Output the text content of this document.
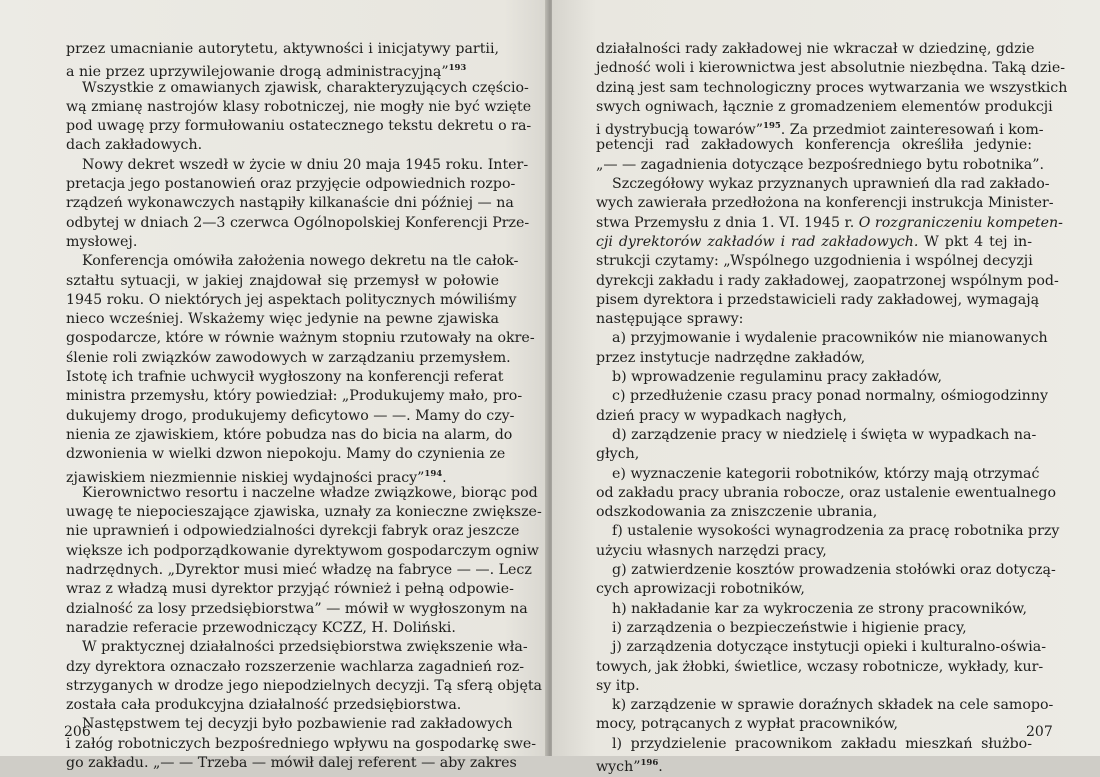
przez umacnianie autorytetu, aktywności i inicjatywy partii,
a nie przez uprzywilejowanie drogą administracyjną”$^{193}$
Wszystkie z omawianych zjawisk, charakteryzujących częścio-
wą zmianę nastrojów klasy robotniczej, nie mogły nie być wzięte
pod uwagę przy formułowaniu ostatecznego tekstu dekretu o ra-
dach zakładowych.
Nowy dekret wszedł w życie w dniu 20 maja 1945 roku. Inter-
pretacja jego postanowień oraz przyjęcie odpowiednich rozpo-
rządzeń wykonawczych nastąpiły kilkanaście dni później — na
odbytej w dniach 2—3 czerwca Ogólnopolskiej Konferencji Prze-
mysłowej.
Konferencja omówiła założenia nowego dekretu na tle całok-
ształtu sytuacji, w jakiej znajdował się przemysł w połowie
1945 roku. O niektórych jej aspektach politycznych mówiliśmy
nieco wcześniej. Wskażemy więc jedynie na pewne zjawiska
gospodarcze, które w równie ważnym stopniu rzutowały na okre-
ślenie roli związków zawodowych w zarządzaniu przemysłem.
Istotę ich trafnie uchwycił wygłoszony na konferencji referat
ministra przemysłu, który powiedział: „Produkujemy mało, pro-
dukujemy drogo, produkujemy deficytowo — —. Mamy do czy-
nienia ze zjawiskiem, które pobudza nas do bicia na alarm, do
dzwonienia w wielki dzwon niepokoju. Mamy do czynienia ze
zjawiskiem niezmiennie niskiej wydajności pracy”$^{194}$.
Kierownictwo resortu i naczelne władze związkowe, biorąc pod
uwagę te niepocieszające zjawiska, uznały za konieczne zwiększe-
nie uprawnień i odpowiedzialności dyrekcji fabryk oraz jeszcze
większe ich podporządkowanie dyrektywom gospodarczym ogniw
nadrzędnych. „Dyrektor musi mieć władzę na fabryce — —. Lecz
wraz z władzą musi dyrektor przyjąć również i pełną odpowie-
dzialność za losy przedsiębiorstwa” — mówił w wygłoszonym na
naradzie referacie przewodniczący KCZZ, H. Doliński.
W praktycznej działalności przedsiębiorstwa zwiększenie wła-
dzy dyrektora oznaczało rozszerzenie wachlarza zagadnień roz-
strzyganych w drodze jego niepodzielnych decyzji. Tą sferą objęta
została cała produkcyjna działalność przedsiębiorstwa.
Następstwem tej decyzji było pozbawienie rad zakładowych
i załóg robotniczych bezpośredniego wpływu na gospodarkę swe-
go zakładu. „— — Trzeba — mówił dalej referent — aby zakres
206
działalności rady zakładowej nie wkraczał w dziedzinę, gdzie
jedność woli i kierownictwa jest absolutnie niezbędna. Taką dzie-
dziną jest sam technologiczny proces wytwarzania we wszystkich
swych ogniwach, łącznie z gromadzeniem elementów produkcji
i dystrybucją towarów”$^{195}$. Za przedmiot zainteresowań i kom-
petencji rad zakładowych konferencja określiła jedynie:
„— — zagadnienia dotyczące bezpośredniego bytu robotnika”.
Szczegółowy wykaz przyznanych uprawnień dla rad zakłado-
wych zawierała przedłożona na konferencji instrukcja Minister-
stwa Przemysłu z dnia 1. VI. 1945 r. O rozgraniczeniu kompeten-
cji dyrektorów zakładów i rad zakładowych. W pkt 4 tej in-
strukcji czytamy: „Wspólnego uzgodnienia i wspólnej decyzji
dyrekcji zakładu i rady zakładowej, zaopatrzonej wspólnym pod-
pisem dyrektora i przedstawicieli rady zakładowej, wymagają
następujące sprawy:
a) przyjmowanie i wydalenie pracowników nie mianowanych
przez instytucje nadrzędne zakładów,
b) wprowadzenie regulaminu pracy zakładów,
c) przedłużenie czasu pracy ponad normalny, ośmiogodzinny
dzień pracy w wypadkach nagłych,
d) zarządzenie pracy w niedzielę i święta w wypadkach na-
głych,
e) wyznaczenie kategorii robotników, którzy mają otrzymać
od zakładu pracy ubrania robocze, oraz ustalenie ewentualnego
odszkodowania za zniszczenie ubrania,
f) ustalenie wysokości wynagrodzenia za pracę robotnika przy
użyciu własnych narzędzi pracy,
g) zatwierdzenie kosztów prowadzenia stołówki oraz dotyczą-
cych aprowizacji robotników,
h) nakładanie kar za wykroczenia ze strony pracowników,
i) zarządzenia o bezpieczeństwie i higienie pracy,
j) zarządzenia dotyczące instytucji opieki i kulturalno-oświa-
towych, jak żłobki, świetlice, wczasy robotnicze, wykłady, kur-
sy itp.
k) zarządzenie w sprawie doraźnych składek na cele samopo-
mocy, potrącanych z wypłat pracowników,
l) przydzielenie pracownikom zakładu mieszkań służbo-
wych”$^{196}$.
207
